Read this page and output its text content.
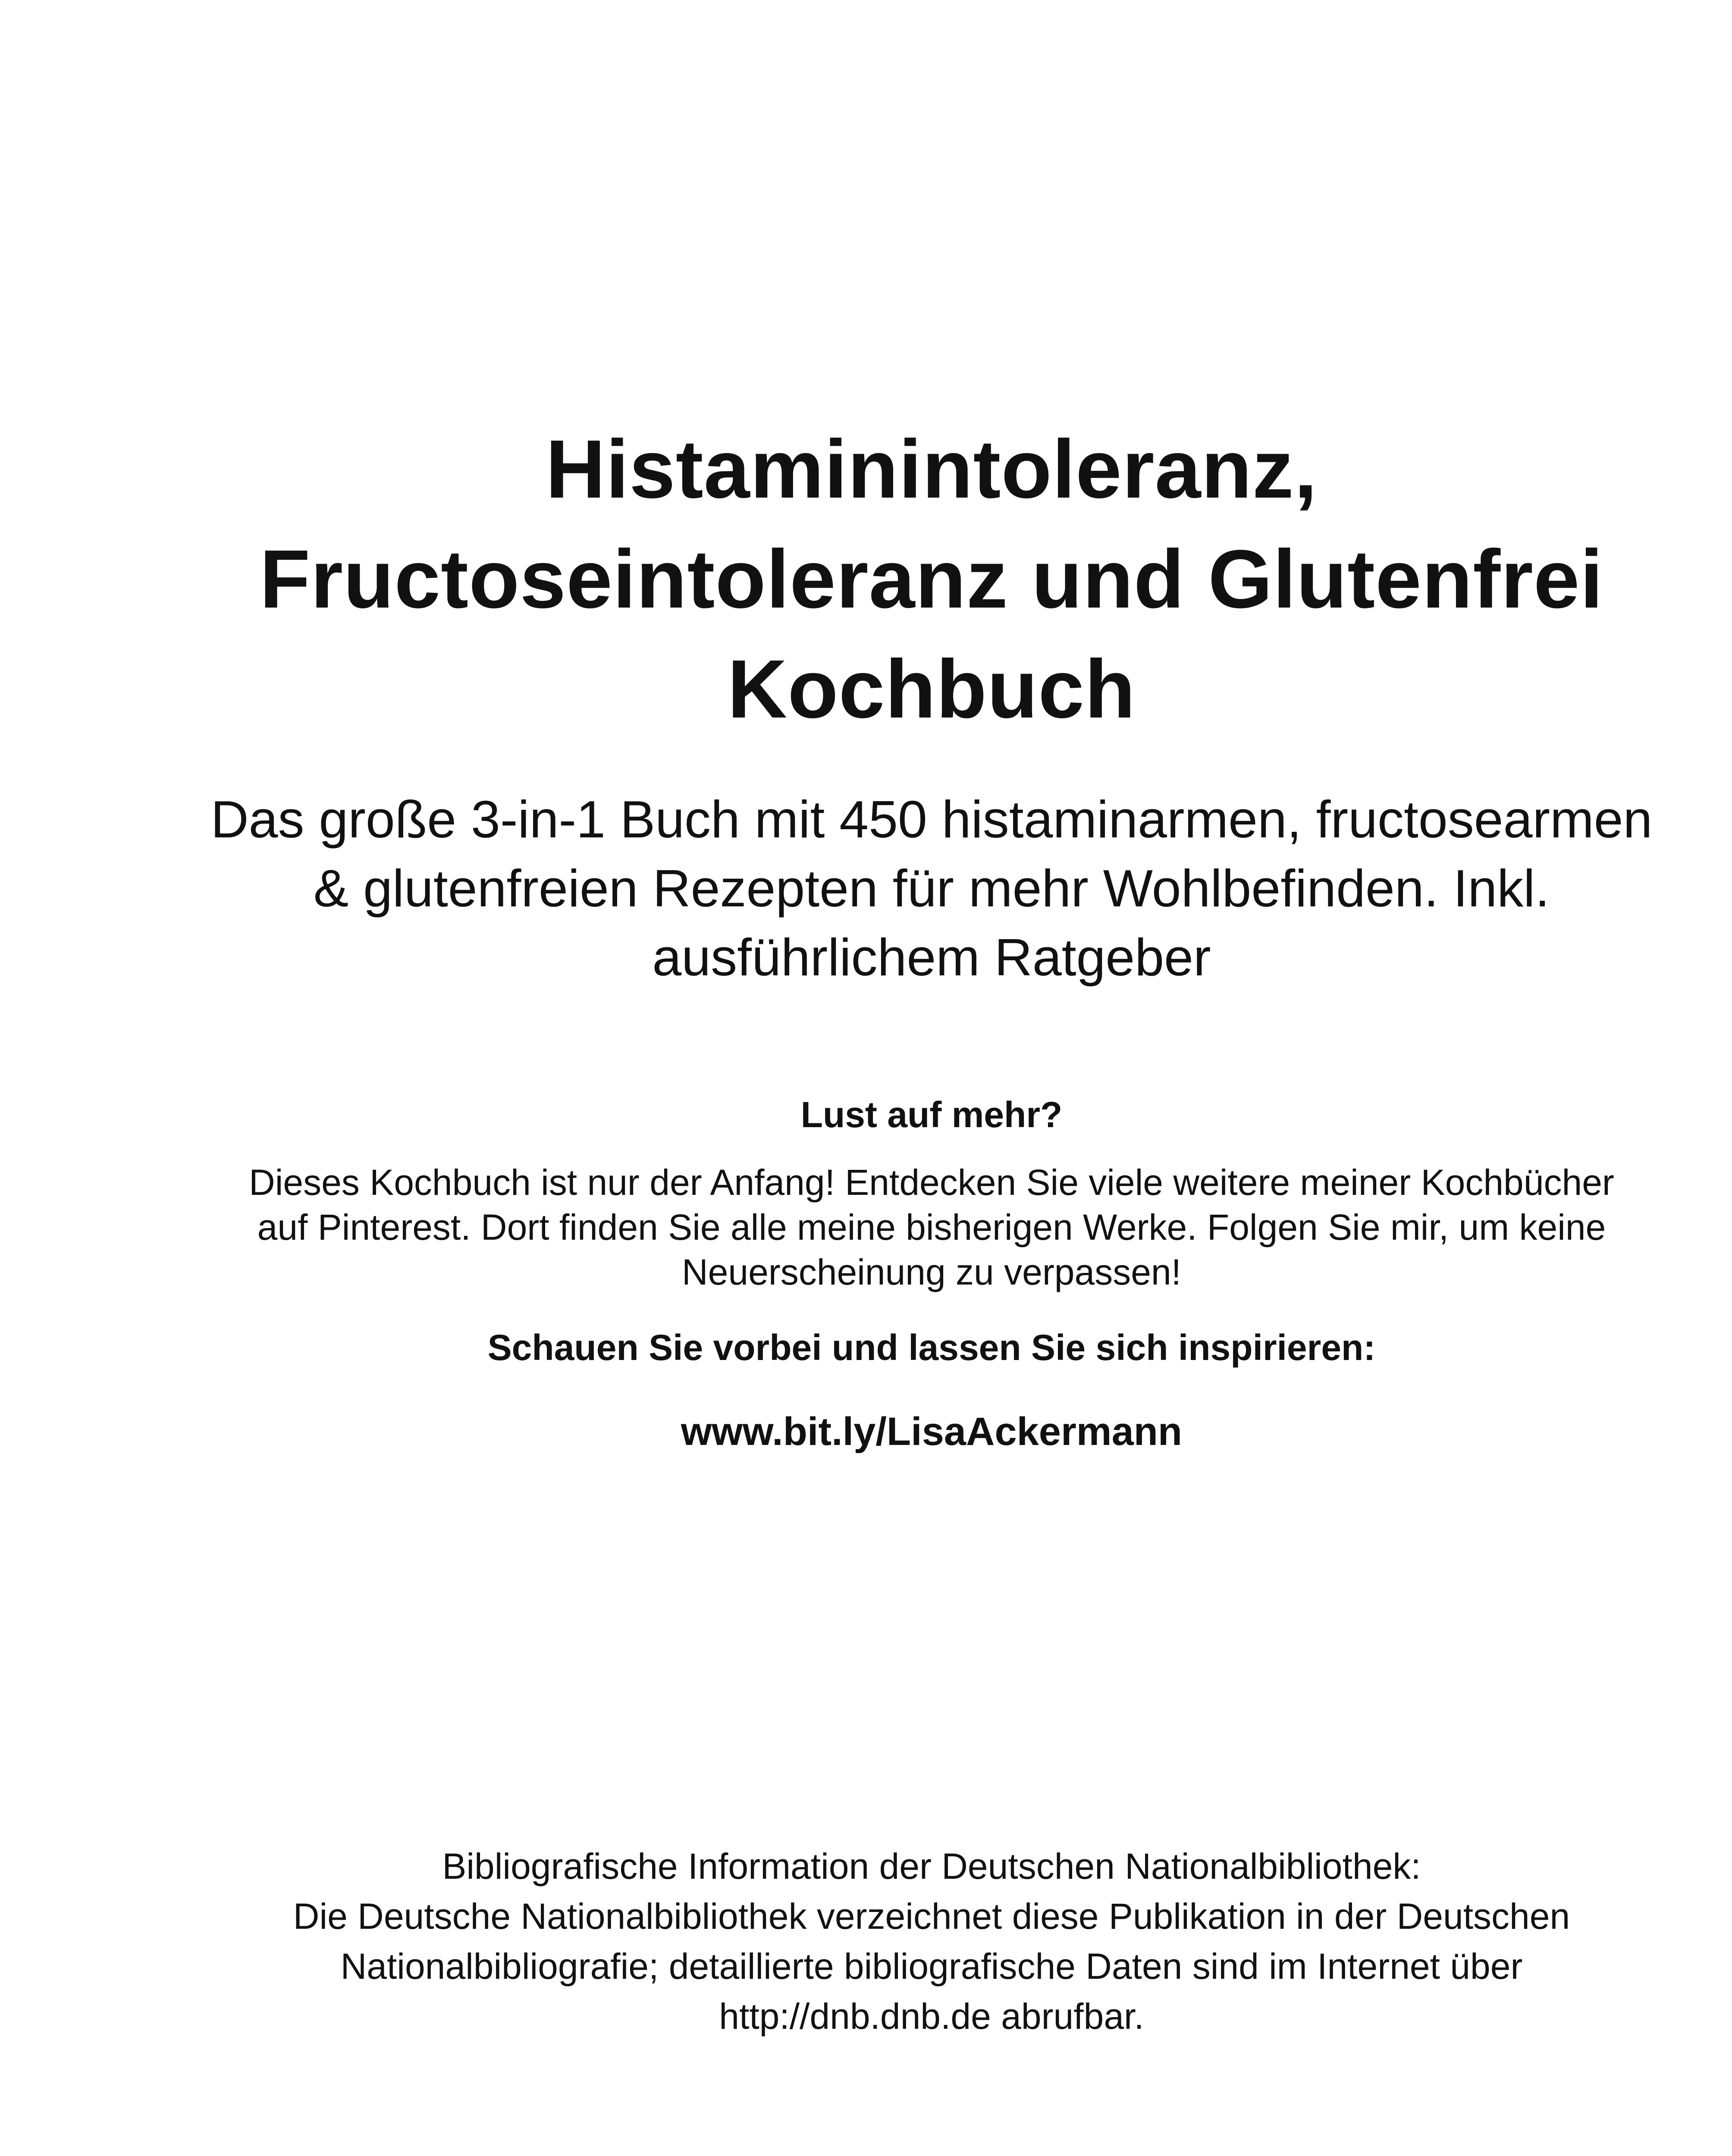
Histaminintoleranz,
Fructoseintoleranz und Glutenfrei
Kochbuch

Das große 3-in-1 Buch mit 450 histaminarmen, fructosearmen
& glutenfreien Rezepten für mehr Wohlbefinden. Inkl.
ausführlichem Ratgeber

Lust auf mehr?

Dieses Kochbuch ist nur der Anfang! Entdecken Sie viele weitere meiner Kochbücher
auf Pinterest. Dort finden Sie alle meine bisherigen Werke. Folgen Sie mir, um keine
Neuerscheinung zu verpassen!

Schauen Sie vorbei und lassen Sie sich inspirieren:

www.bit.ly/LisaAckermann

Bibliografische Information der Deutschen Nationalbibliothek:
Die Deutsche Nationalbibliothek verzeichnet diese Publikation in der Deutschen
Nationalbibliografie; detaillierte bibliografische Daten sind im Internet über
http://dnb.dnb.de abrufbar.
